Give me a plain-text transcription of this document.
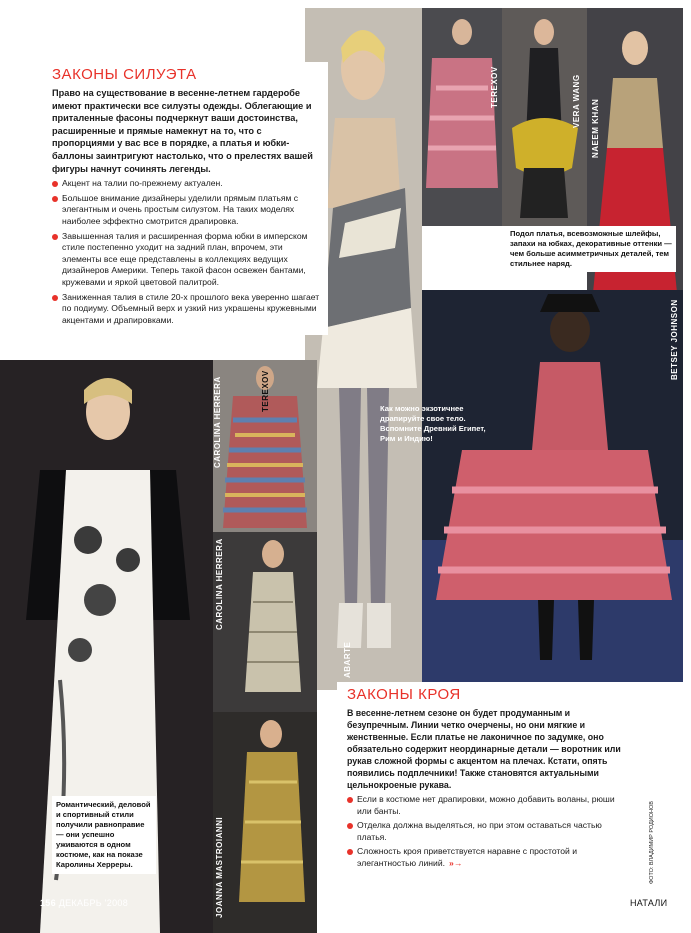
ABARTE
TEREXOV	VERA WANG NAEEM KHAN
BETSEY JOHNSON
CAROLINA HERRERA	TEREXOV
CAROLINA HERRERA
JOANNA MASTROIANNI
ЗАКОНЫ СИЛУЭТА

Право на существование в весенне-летнем гардеробе имеют практически все силуэты одежды. Облегающие и приталенные фасоны подчеркнут ваши достоинства, расширенные и прямые намекнут на то, что с пропорциями у вас все в порядке, а платья и юбки-баллоны заинтригуют настолько, что о прелестях вашей фигуры начнут сочинять легенды.

Акцент на талии по-прежнему актуален.
Большое внимание дизайнеры уделили прямым платьям с элегантным и очень простым силуэтом. На таких моделях наиболее эффектно смотрится драпировка.
Завышенная талия и расширенная форма юбки в имперском стиле постепенно уходит на задний план, впрочем, эти элементы все еще представлены в коллекциях ведущих дизайнеров Америки. Теперь такой фасон освежен бантами, кружевами и яркой цветовой палитрой.
Заниженная талия в стиле 20-х прошлого века уверенно шагает по подиуму. Объемный верх и узкий низ украшены кружевными акцентами и драпировками.
ЗАКОНЫ КРОЯ

В весенне-летнем сезоне он будет продуманным и безупречным. Линии четко очерчены, но они мягкие и женственные. Если платье не лаконичное по задумке, оно обязательно содержит неординарные детали — воротник или рукав сложной формы с акцентом на плечах. Кстати, опять появились подплечники! Также становятся актуальными цельнокроеные рукава.

Если в костюме нет драпировки, можно добавить воланы, рюши или банты.
Отделка должна выделяться, но при этом оставаться частью платья.
Сложность кроя приветствуется наравне с простотой и элегантностью линий. »→
Подол платья, всевозможные шлейфы, запахи на юбках, декоративные оттенки — чем больше асимметричных деталей, тем стильнее наряд.
Как можно экзотичнее драпируйте свое тело. Вспомните Древний Египет, Рим и Индию!
Романтический, деловой и спортивный стили получили равноправие — они успешно уживаются в одном костюме, как на показе Каролины Херреры.	ФОТО: ВЛАДИМИР РОДИОНОВ
156 ДЕКАБРЬ '2008	НАТАЛИ
